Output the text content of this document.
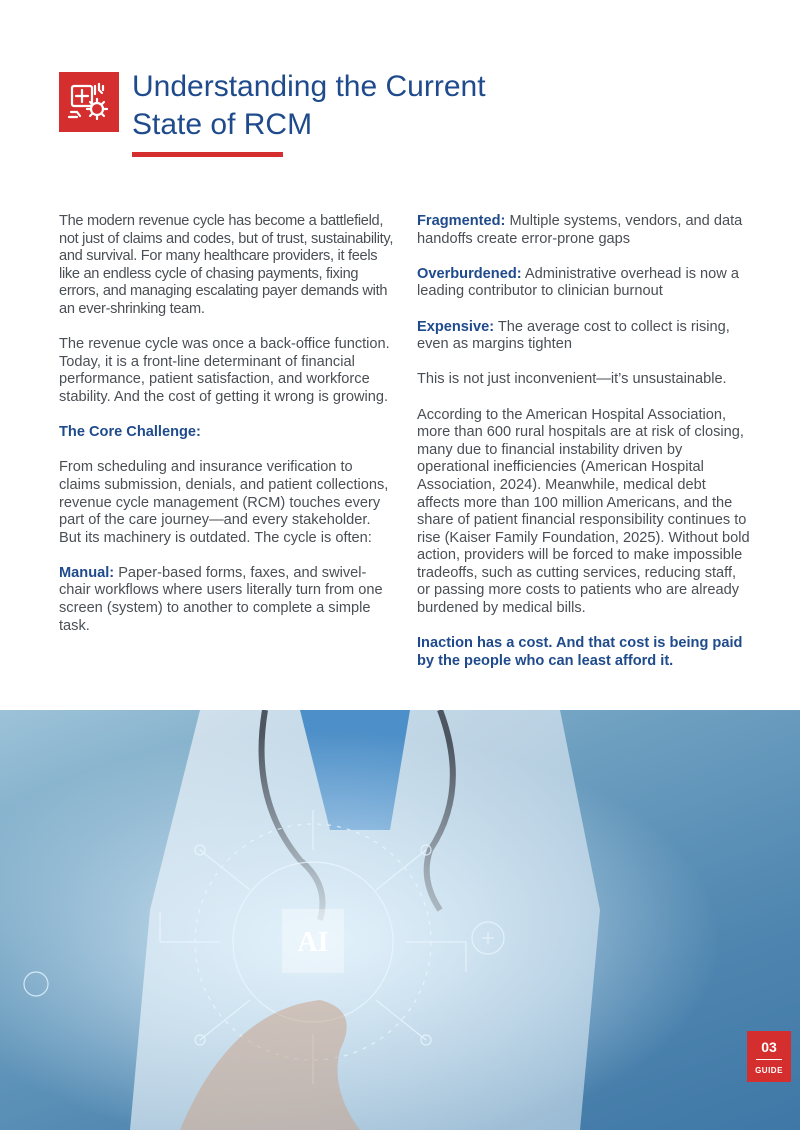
Understanding the Current
State of RCM

The modern revenue cycle has become a battlefield, not just of claims and codes, but of trust, sustainability, and survival. For many healthcare providers, it feels like an endless cycle of chasing payments, fixing errors, and managing escalating payer demands with an ever-shrinking team.

The revenue cycle was once a back-office function. Today, it is a front-line determinant of financial performance, patient satisfaction, and workforce stability. And the cost of getting it wrong is growing.

The Core Challenge:

From scheduling and insurance verification to claims submission, denials, and patient collections, revenue cycle management (RCM) touches every part of the care journey—and every stakeholder. But its machinery is outdated. The cycle is often:

Manual: Paper-based forms, faxes, and swivel-chair workflows where users literally turn from one screen (system) to another to complete a simple task.

Fragmented: Multiple systems, vendors, and data handoffs create error-prone gaps

Overburdened: Administrative overhead is now a leading contributor to clinician burnout

Expensive: The average cost to collect is rising, even as margins tighten

This is not just inconvenient—it’s unsustainable.

According to the American Hospital Association, more than 600 rural hospitals are at risk of closing, many due to financial instability driven by operational inefficiencies (American Hospital Association, 2024). Meanwhile, medical debt affects more than 100 million Americans, and the share of patient financial responsibility continues to rise (Kaiser Family Foundation, 2025). Without bold action, providers will be forced to make impossible tradeoffs, such as cutting services, reducing staff, or passing more costs to patients who are already burdened by medical bills.

Inaction has a cost. And that cost is being paid by the people who can least afford it.

AI
03
GUIDE
